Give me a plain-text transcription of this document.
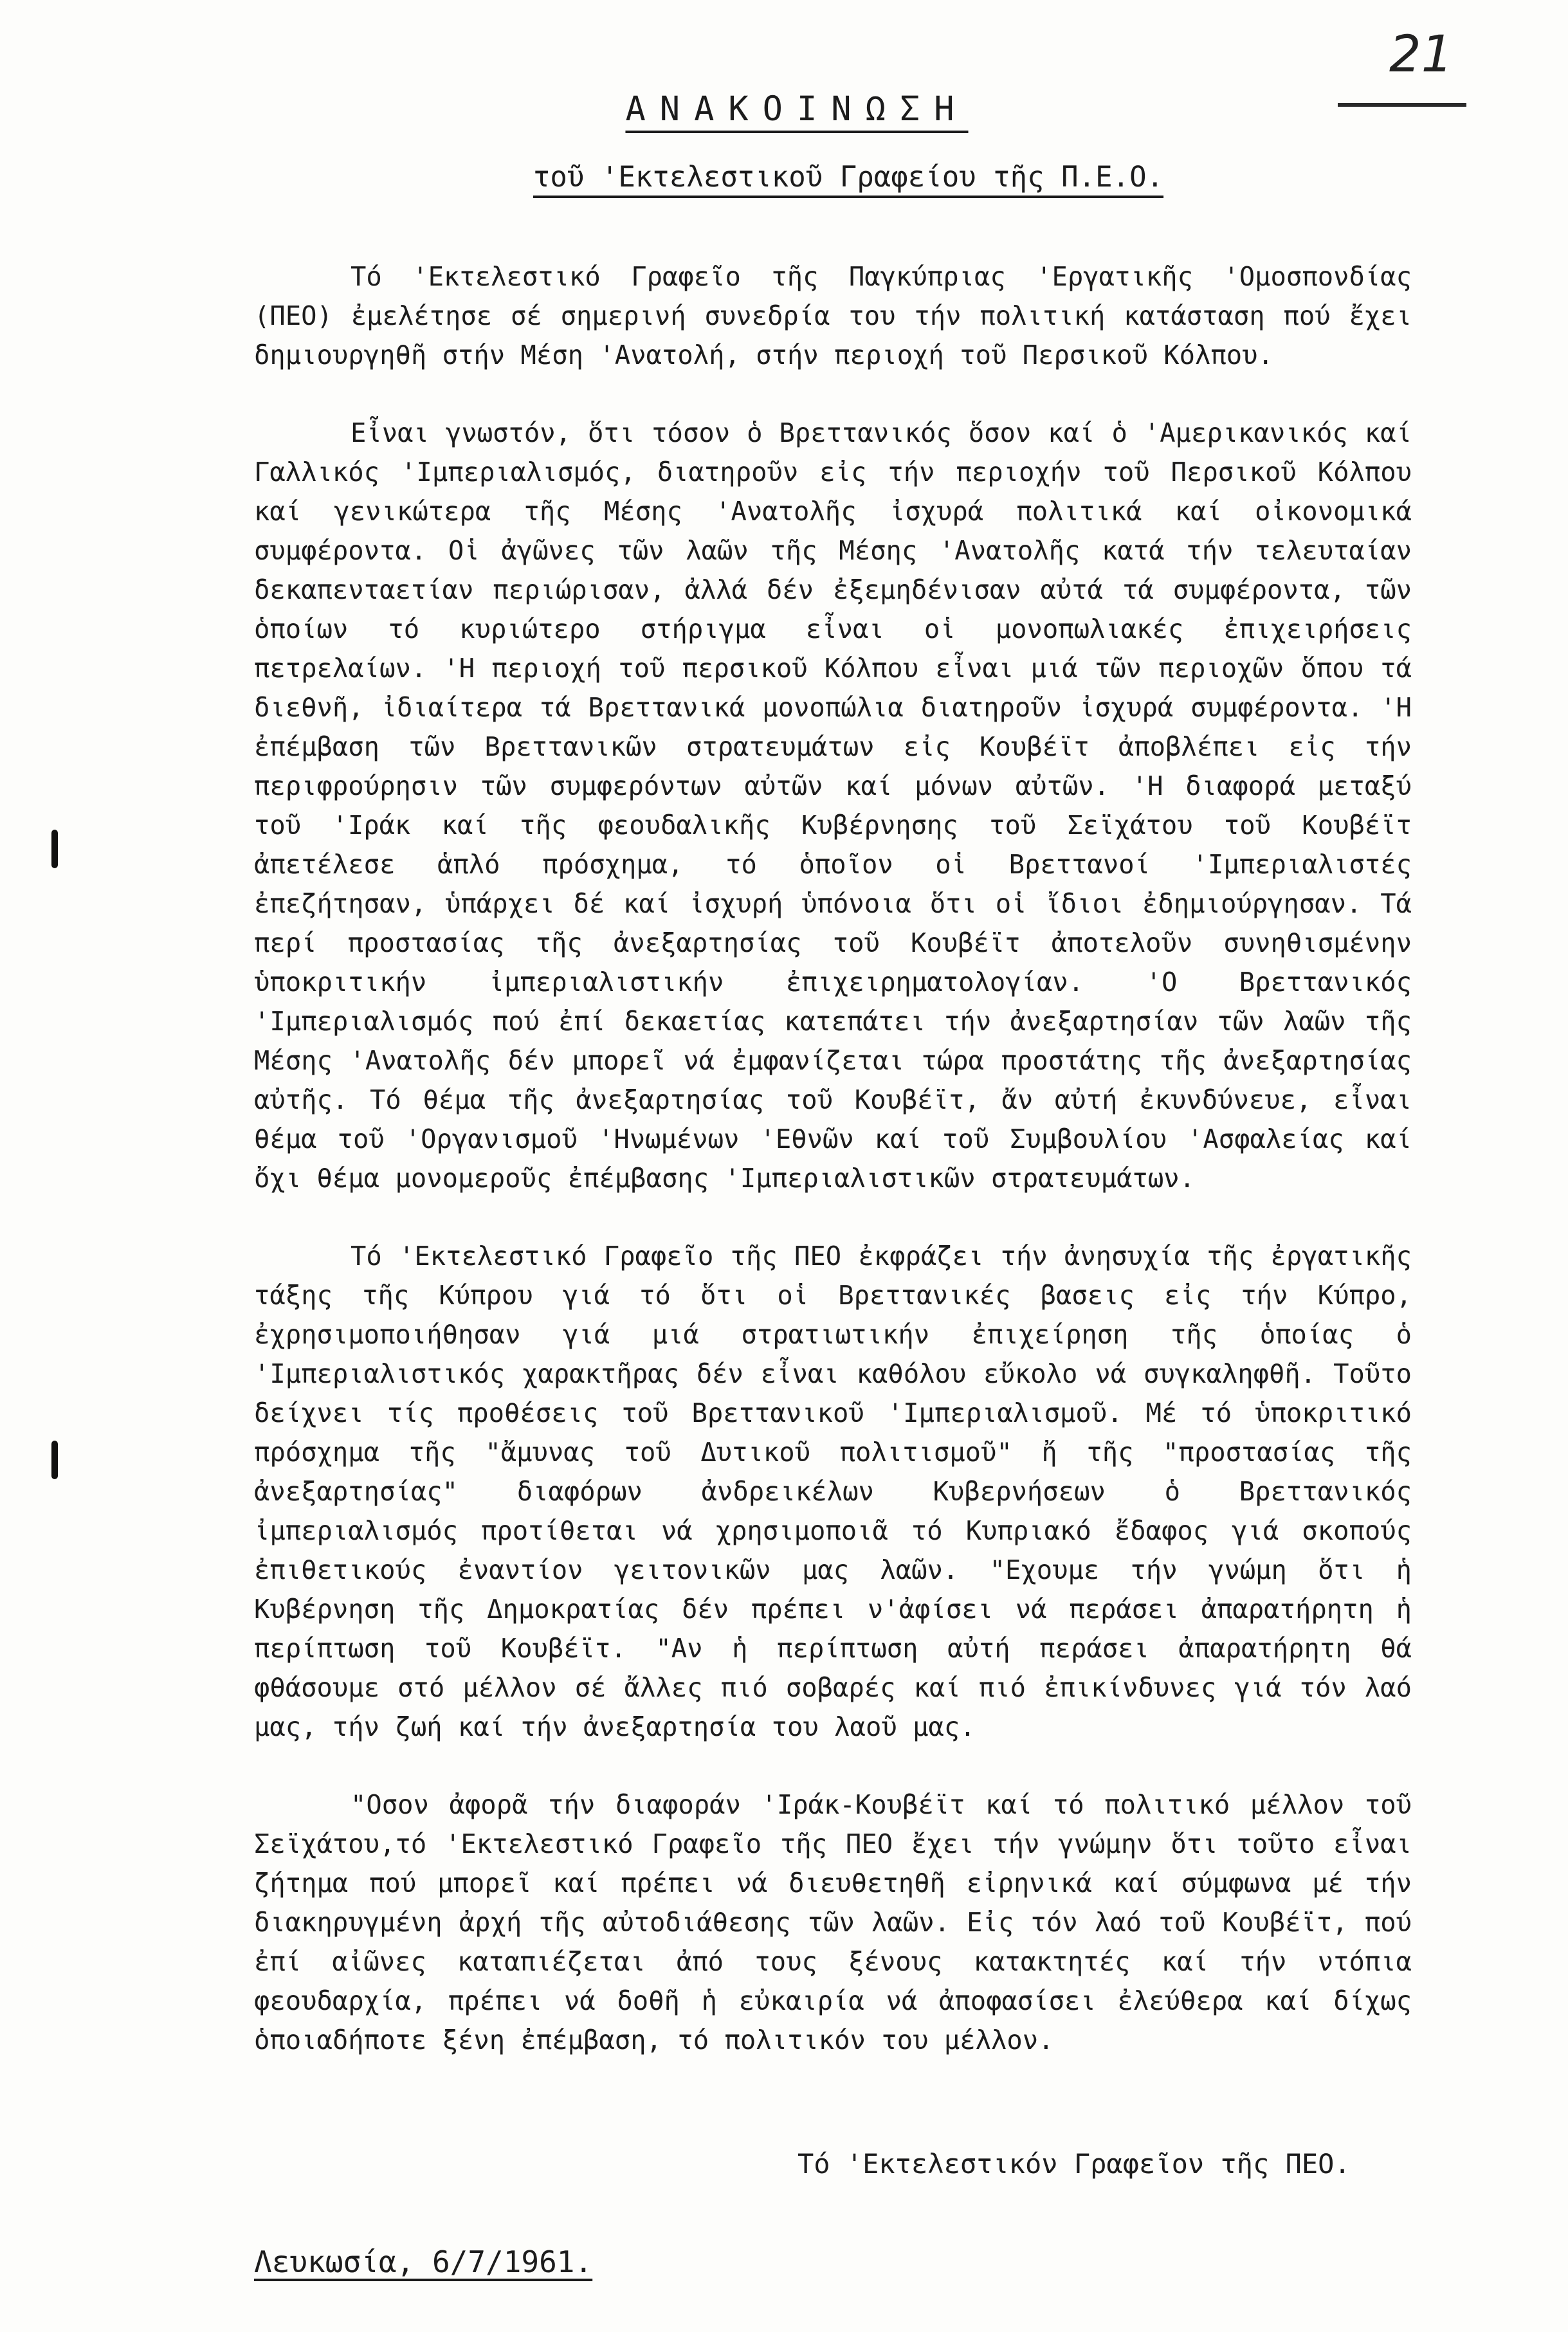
21
ΑΝΑΚΟΙΝΩΣΗ
τοῦ 'Εκτελεστικοῦ Γραφείου τῆς Π.Ε.Ο.

Τό 'Εκτελεστικό Γραφεῖο τῆς Παγκύπριας 'Εργατικῆς 'Ομοσπονδίας (ΠΕΟ) ἐμελέτησε σέ σημερινή συνεδρία του τήν πολιτική κατάσταση πού ἔχει δημιουργηθῆ στήν Μέση 'Ανατολή, στήν περιοχή τοῦ Περσικοῦ Κόλπου.

Εἶναι γνωστόν, ὅτι τόσον ὁ Βρεττανικός ὅσον καί ὁ 'Αμερικανικός καί Γαλλικός 'Ιμπεριαλισμός, διατηροῦν εἰς τήν περιοχήν τοῦ Περσικοῦ Κόλπου καί γενικώτερα τῆς Μέσης 'Ανατολῆς ἰσχυρά πολιτικά καί οἰκονομικά συμφέροντα. Οἱ ἀγῶνες τῶν λαῶν τῆς Μέσης 'Ανατολῆς κατά τήν τελευταίαν δεκαπενταετίαν περιώρισαν, ἀλλά δέν ἐξεμηδένισαν αὐτά τά συμφέροντα, τῶν ὁποίων τό κυριώτερο στήριγμα εἶναι οἱ μονοπωλιακές ἐπιχειρήσεις πετρελαίων. 'Η περιοχή τοῦ περσικοῦ Κόλπου εἶναι μιά τῶν περιοχῶν ὅπου τά διεθνῆ, ἰδιαίτερα τά Βρεττανικά μονοπώλια διατηροῦν ἰσχυρά συμφέροντα. 'Η ἐπέμβαση τῶν Βρεττανικῶν στρατευμάτων εἰς Κουβέϊτ ἀποβλέπει εἰς τήν περιφρούρησιν τῶν συμφερόντων αὐτῶν καί μόνων αὐτῶν. 'Η διαφορά μεταξύ τοῦ 'Ιράκ καί τῆς φεουδαλικῆς Κυβέρνησης τοῦ Σεϊχάτου τοῦ Κουβέϊτ ἀπετέλεσε ἁπλό πρόσχημα, τό ὁποῖον οἱ Βρεττανοί 'Ιμπεριαλιστές ἐπεζήτησαν, ὑπάρχει δέ καί ἰσχυρή ὑπόνοια ὅτι οἱ ἴδιοι ἐδημιούργησαν. Τά περί προστασίας τῆς ἀνεξαρτησίας τοῦ Κουβέϊτ ἀποτελοῦν συνηθισμένην ὑποκριτικήν ἰμπεριαλιστικήν ἐπιχειρηματολογίαν. 'Ο Βρεττανικός 'Ιμπεριαλισμός πού ἐπί δεκαετίας κατεπάτει τήν ἀνεξαρτησίαν τῶν λαῶν τῆς Μέσης 'Ανατολῆς δέν μπορεῖ νά ἐμφανίζεται τώρα προστάτης τῆς ἀνεξαρτησίας αὐτῆς. Τό θέμα τῆς ἀνεξαρτησίας τοῦ Κουβέϊτ, ἄν αὐτή ἐκυνδύνευε, εἶναι θέμα τοῦ 'Οργανισμοῦ 'Ηνωμένων 'Εθνῶν καί τοῦ Συμβουλίου 'Ασφαλείας καί ὄχι θέμα μονομεροῦς ἐπέμβασης 'Ιμπεριαλιστικῶν στρατευμάτων.

Τό 'Εκτελεστικό Γραφεῖο τῆς ΠΕΟ ἐκφράζει τήν ἀνησυχία τῆς ἐργατικῆς τάξης τῆς Κύπρου γιά τό ὅτι οἱ Βρεττανικές βασεις εἰς τήν Κύπρο, ἐχρησιμοποιήθησαν γιά μιά στρατιωτικήν ἐπιχείρηση τῆς ὁποίας ὁ 'Ιμπεριαλιστικός χαρακτῆρας δέν εἶναι καθόλου εὔκολο νά συγκαληφθῆ. Τοῦτο δείχνει τίς προθέσεις τοῦ Βρεττανικοῦ 'Ιμπεριαλισμοῦ. Μέ τό ὑποκριτικό πρόσχημα τῆς "ἄμυνας τοῦ Δυτικοῦ πολιτισμοῦ" ἤ τῆς "προστασίας τῆς ἀνεξαρτησίας" διαφόρων ἀνδρεικέλων Κυβερνήσεων ὁ Βρεττανικός ἰμπεριαλισμός προτίθεται νά χρησιμοποιᾶ τό Κυπριακό ἔδαφος γιά σκοπούς ἐπιθετικούς ἐναντίον γειτονικῶν μας λαῶν. "Εχουμε τήν γνώμη ὅτι ἡ Κυβέρνηση τῆς Δημοκρατίας δέν πρέπει ν'ἀφίσει νά περάσει ἀπαρατήρητη ἡ περίπτωση τοῦ Κουβέϊτ. "Αν ἡ περίπτωση αὐτή περάσει ἀπαρατήρητη θά φθάσουμε στό μέλλον σέ ἄλλες πιό σοβαρές καί πιό ἐπικίνδυνες γιά τόν λαό μας, τήν ζωή καί τήν ἀνεξαρτησία του λαοῦ μας.

"Οσον ἀφορᾶ τήν διαφοράν 'Ιράκ-Κουβέϊτ καί τό πολιτικό μέλλον τοῦ Σεϊχάτου,τό 'Εκτελεστικό Γραφεῖο τῆς ΠΕΟ ἔχει τήν γνώμην ὅτι τοῦτο εἶναι ζήτημα πού μπορεῖ καί πρέπει νά διευθετηθῆ εἰρηνικά καί σύμφωνα μέ τήν διακηρυγμένη ἀρχή τῆς αὐτοδιάθεσης τῶν λαῶν. Εἰς τόν λαό τοῦ Κουβέϊτ, πού ἐπί αἰῶνες καταπιέζεται ἀπό τους ξένους κατακτητές καί τήν ντόπια φεουδαρχία, πρέπει νά δοθῆ ἡ εὐκαιρία νά ἀποφασίσει ἐλεύθερα καί δίχως ὁποιαδήποτε ξένη ἐπέμβαση, τό πολιτικόν του μέλλον.

Τό 'Εκτελεστικόν Γραφεῖον τῆς ΠΕΟ.
Λευκωσία, 6/7/1961.
